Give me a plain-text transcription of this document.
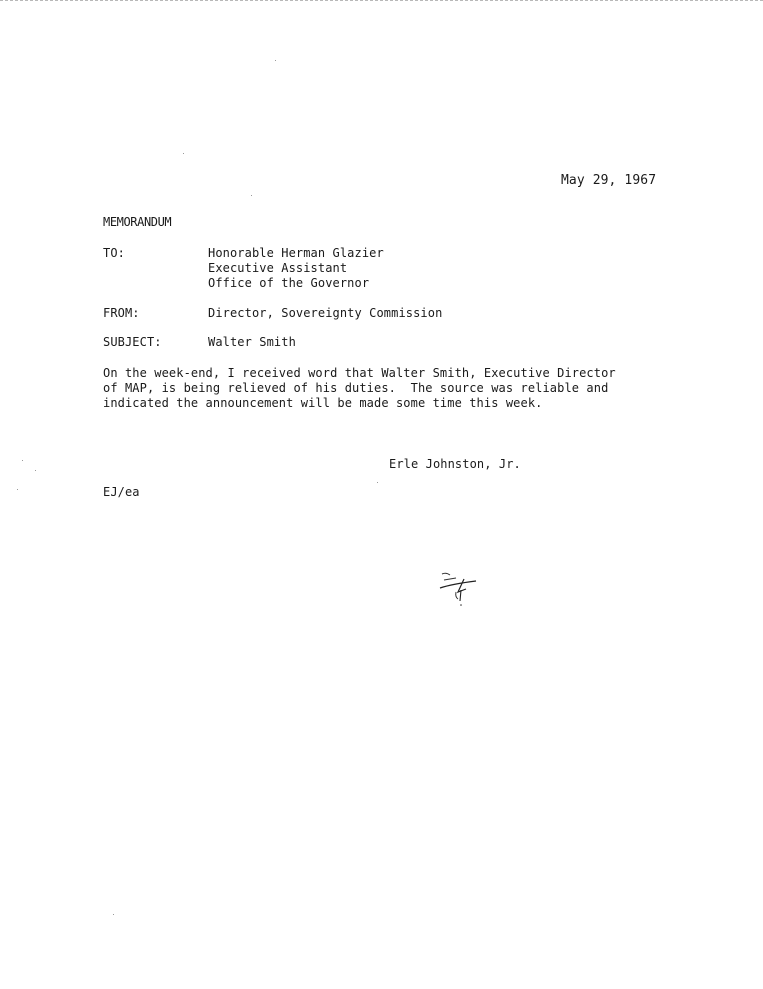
May 29, 1967
MEMORANDUM
TO:	Honorable Herman Glazier
Executive Assistant
Office of the Governor
FROM:	Director, Sovereignty Commission
SUBJECT:	Walter Smith
On the week-end, I received word that Walter Smith, Executive Director
of MAP, is being relieved of his duties.  The source was reliable and
indicated the announcement will be made some time this week.
Erle Johnston, Jr.
EJ/ea
